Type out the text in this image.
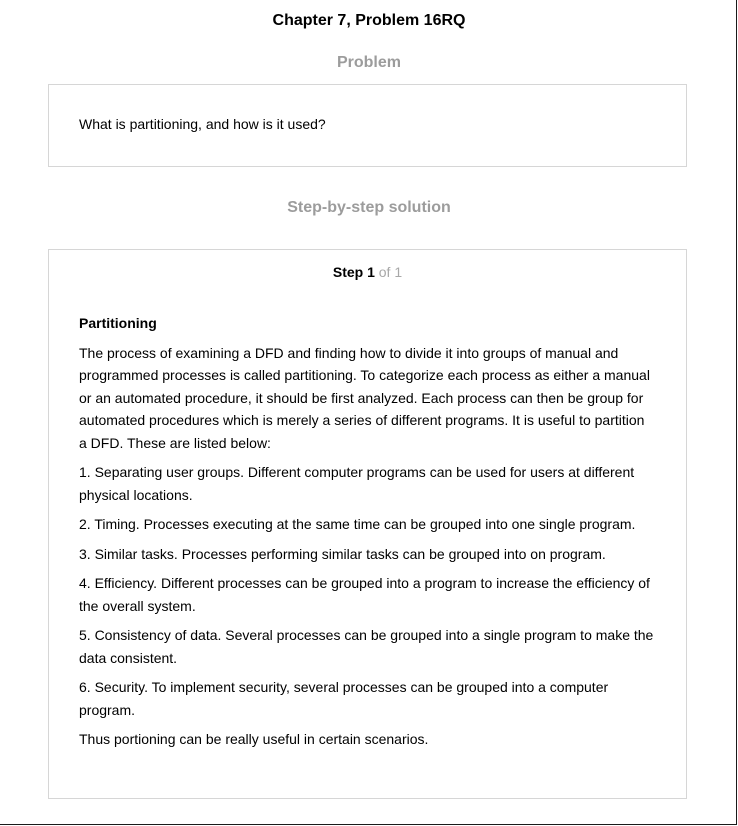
Chapter 7, Problem 16RQ
Problem
What is partitioning, and how is it used?
Step-by-step solution
Step 1 of 1

Partitioning

The process of examining a DFD and finding how to divide it into groups of manual and programmed processes is called partitioning. To categorize each process as either a manual or an automated procedure, it should be first analyzed. Each process can then be group for automated procedures which is merely a series of different programs. It is useful to partition a DFD. These are listed below:

1. Separating user groups. Different computer programs can be used for users at different physical locations.

2. Timing. Processes executing at the same time can be grouped into one single program.

3. Similar tasks. Processes performing similar tasks can be grouped into on program.

4. Efficiency. Different processes can be grouped into a program to increase the efficiency of the overall system.

5. Consistency of data. Several processes can be grouped into a single program to make the data consistent.

6. Security. To implement security, several processes can be grouped into a computer program.

Thus portioning can be really useful in certain scenarios.
